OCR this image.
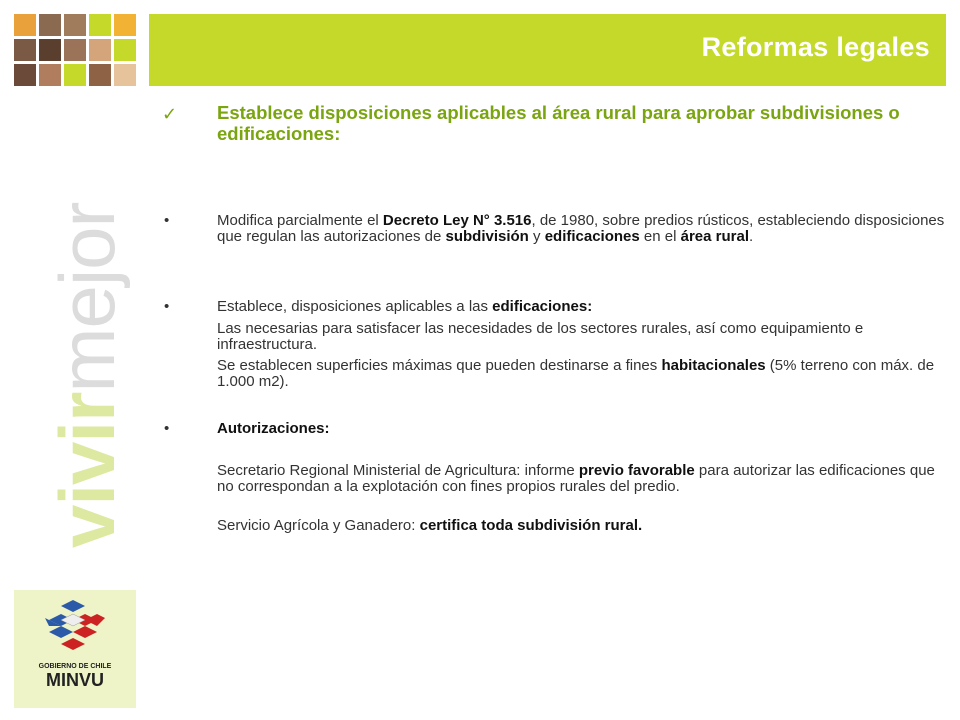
Reformas legales
vivirmejor
GOBIERNO DE CHILE
MINVU
✓ Establece disposiciones aplicables al área rural para aprobar subdivisiones o edificaciones:
•	Modifica parcialmente el Decreto Ley N° 3.516, de 1980, sobre predios rústicos, estableciendo disposiciones que regulan las autorizaciones de subdivisión y edificaciones en el área rural.
•	Establece, disposiciones aplicables a las edificaciones:
Las necesarias para satisfacer las necesidades de los sectores rurales, así como equipamiento e infraestructura.
Se establecen superficies máximas que pueden destinarse a fines habitacionales (5% terreno con máx. de 1.000 m2).
•	Autorizaciones:
Secretario Regional Ministerial de Agricultura: informe previo favorable para autorizar las edificaciones que no correspondan a la explotación con fines propios rurales del predio.
Servicio Agrícola y Ganadero: certifica toda subdivisión rural.
